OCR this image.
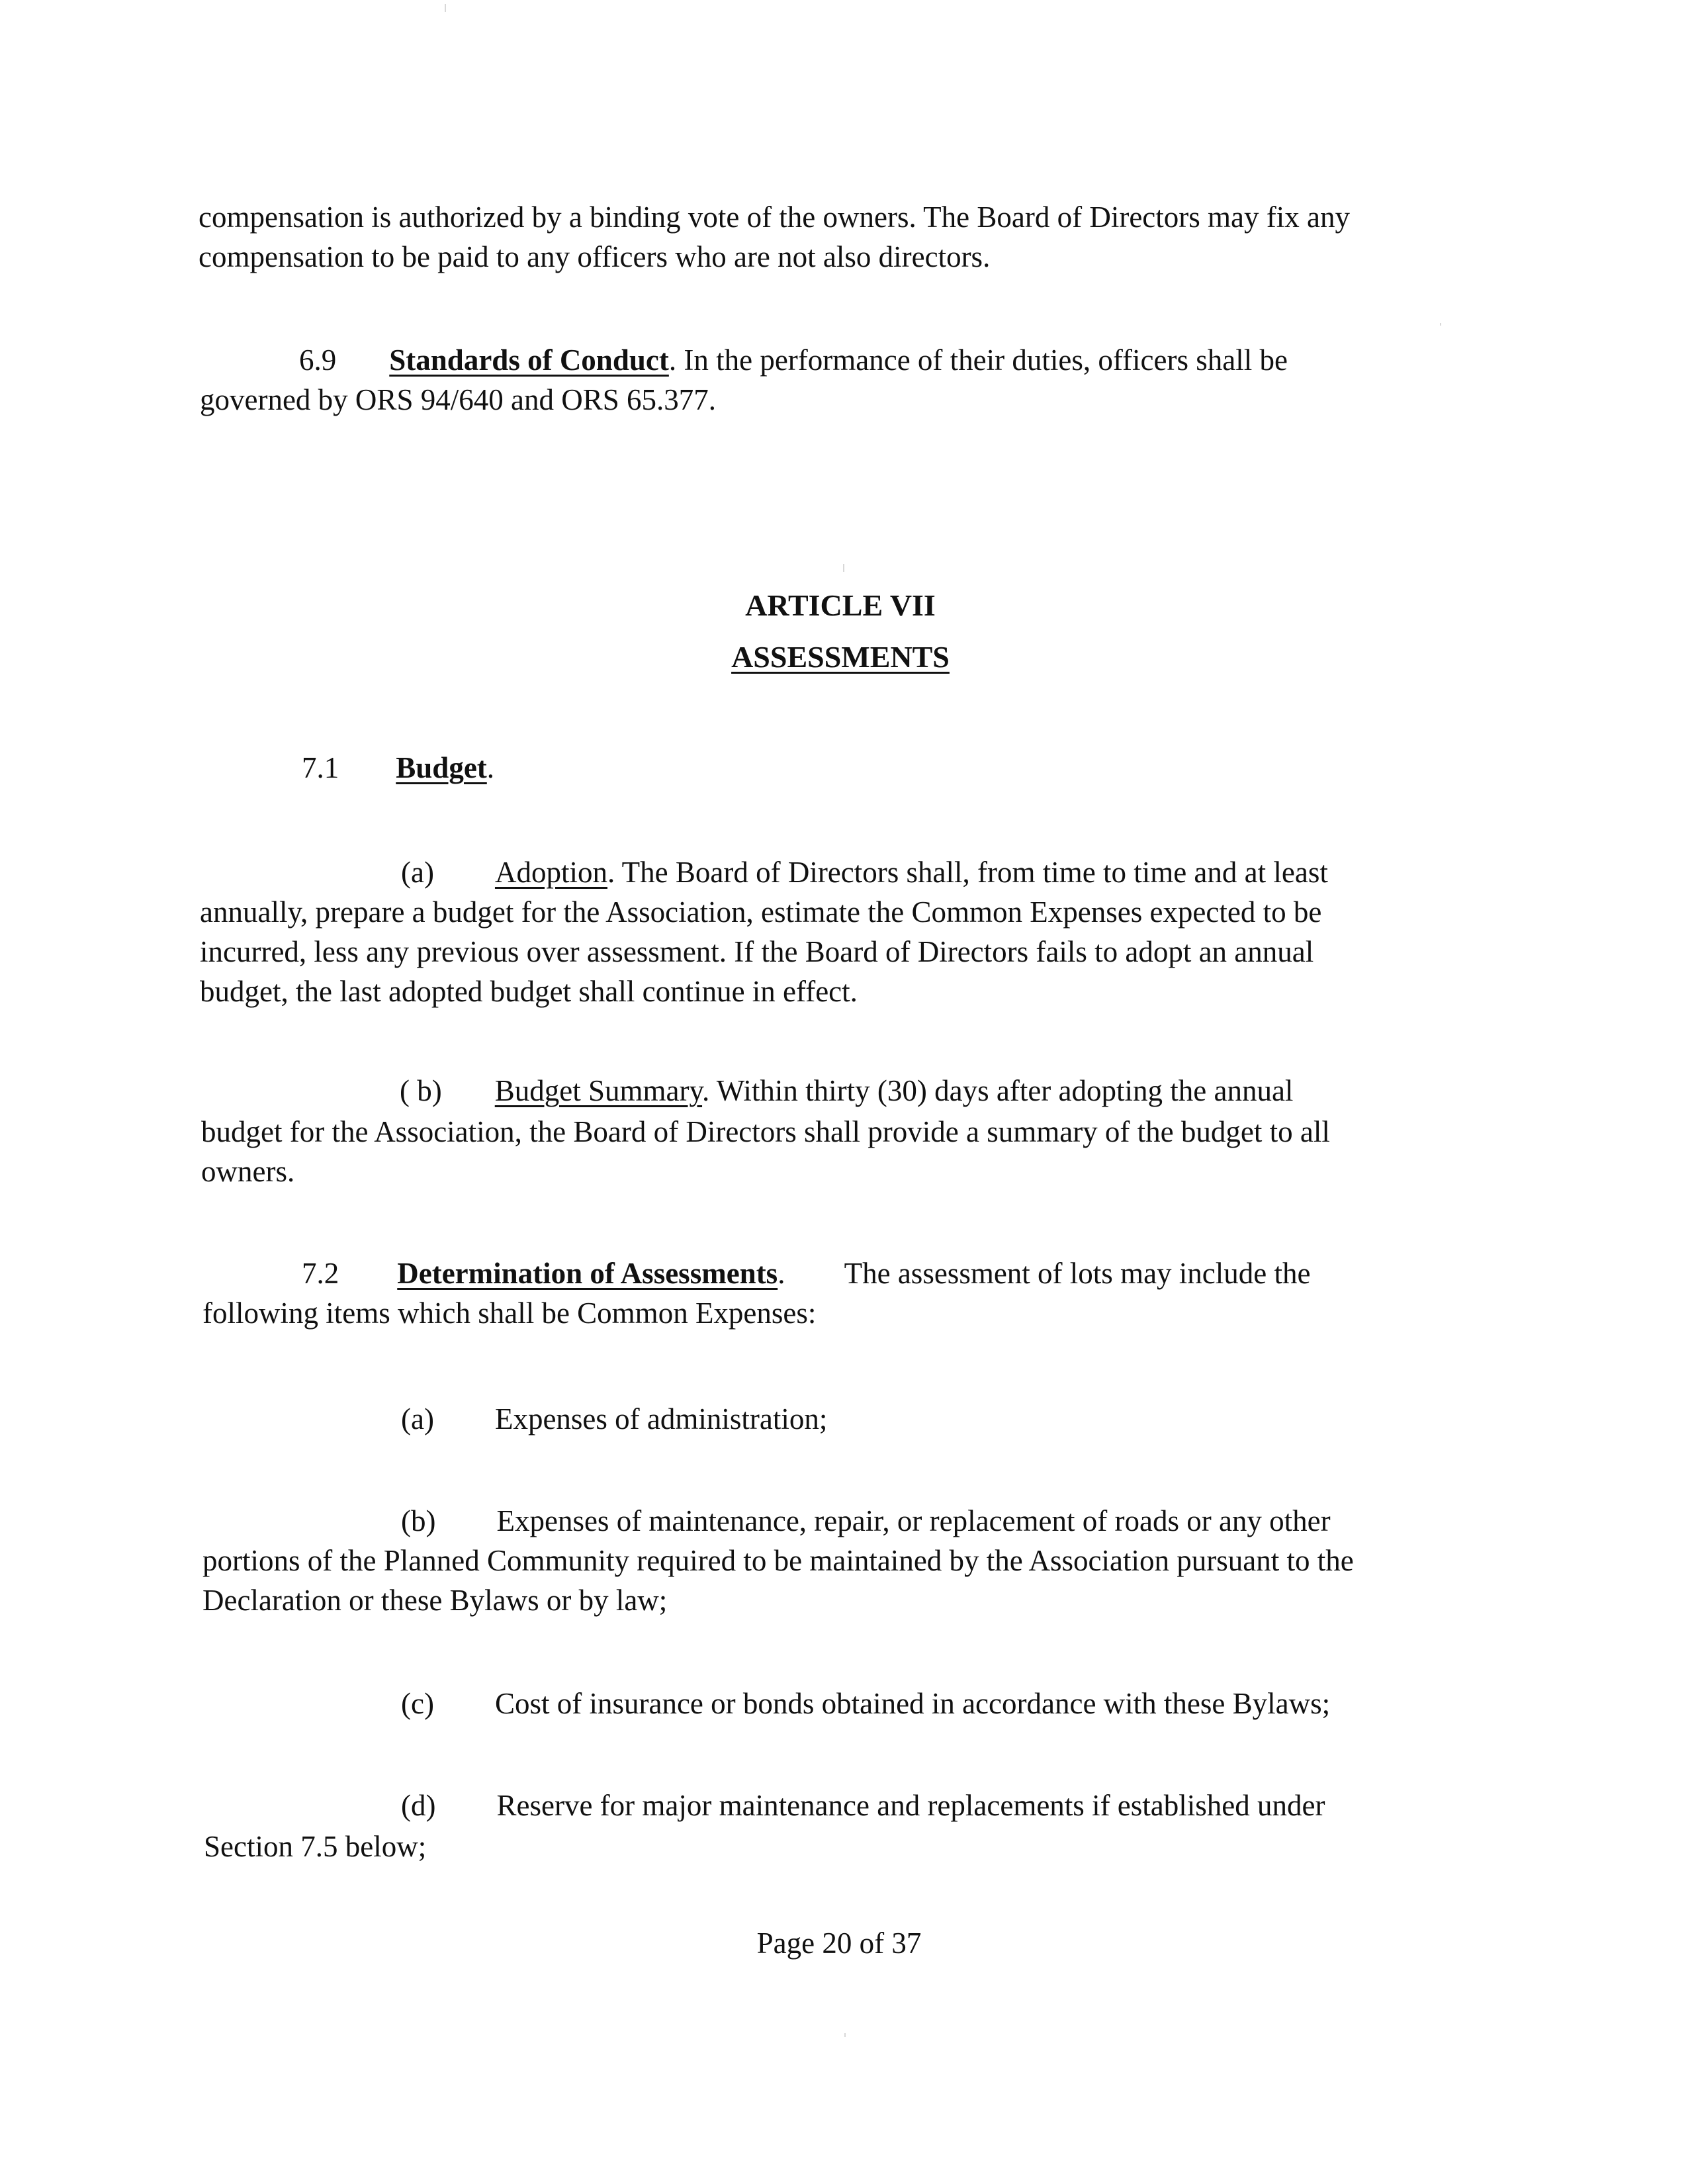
compensation is authorized by a binding vote of the owners. The Board of Directors may fix any

compensation to be paid to any officers who are not also directors.

6.9 Standards of Conduct. In the performance of their duties, officers shall be

governed by ORS 94/640 and ORS 65.377.

ARTICLE VII

ASSESSMENTS

7.1 Budget.

(a) Adoption. The Board of Directors shall, from time to time and at least

annually, prepare a budget for the Association, estimate the Common Expenses expected to be

incurred, less any previous over assessment. If the Board of Directors fails to adopt an annual

budget, the last adopted budget shall continue in effect.

( b) Budget Summary. Within thirty (30) days after adopting the annual

budget for the Association, the Board of Directors shall provide a summary of the budget to all

owners.

7.2 Determination of Assessments.        The assessment of lots may include the

following items which shall be Common Expenses:

(a) Expenses of administration;

(b) Expenses of maintenance, repair, or replacement of roads or any other

portions of the Planned Community required to be maintained by the Association pursuant to the

Declaration or these Bylaws or by law;

(c) Cost of insurance or bonds obtained in accordance with these Bylaws;

(d) Reserve for major maintenance and replacements if established under

Section 7.5 below;

Page 20 of 37
